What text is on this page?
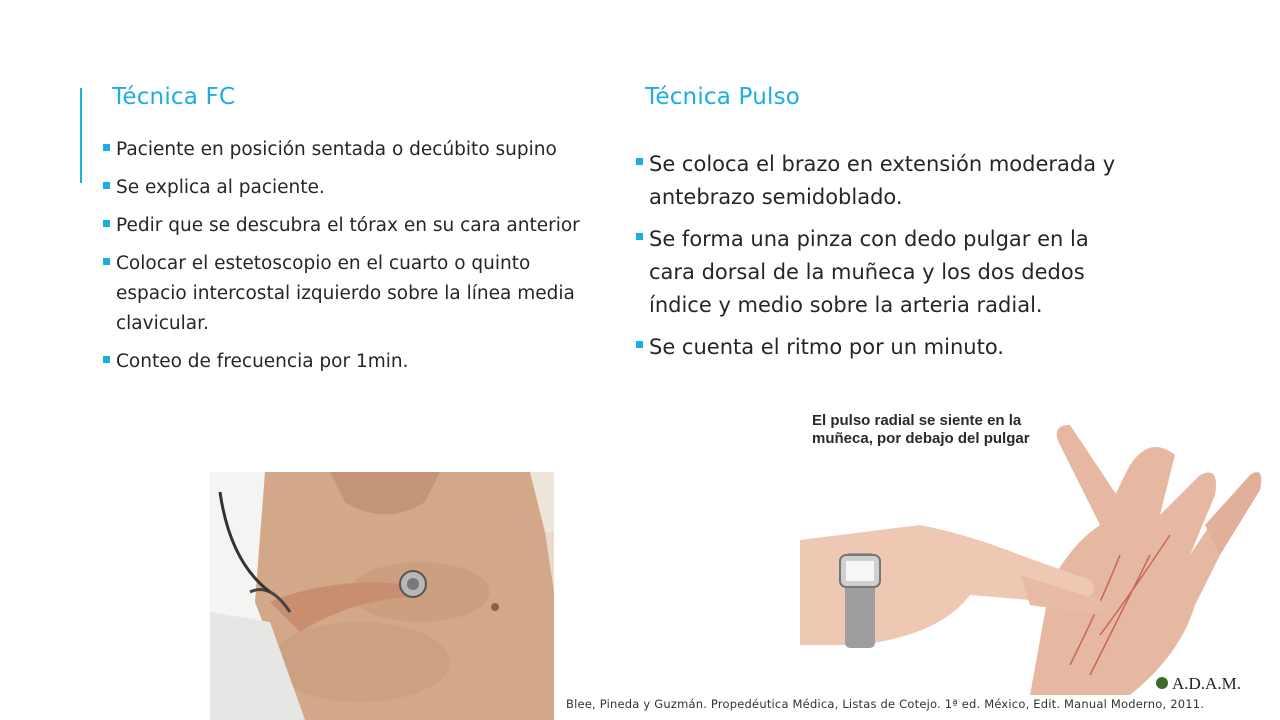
Técnica FC
Paciente en posición sentada o decúbito supino
Se explica al paciente.
Pedir que se descubra el tórax en su cara anterior
Colocar el estetoscopio en el cuarto o quinto espacio intercostal izquierdo sobre la línea media clavicular.
Conteo de frecuencia por 1min.
Técnica Pulso
Se coloca el brazo en extensión moderada y antebrazo semidoblado.
Se forma una pinza con dedo pulgar en la cara dorsal de la muñeca y los dos dedos índice y medio sobre la arteria radial.
Se cuenta el ritmo por un minuto.
El pulso radial se siente en la
muñeca, por debajo del pulgar
A.D.A.M.
Blee, Pineda y Guzmán. Propedéutica Médica, Listas de Cotejo. 1ª ed. México, Edit. Manual Moderno, 2011.
